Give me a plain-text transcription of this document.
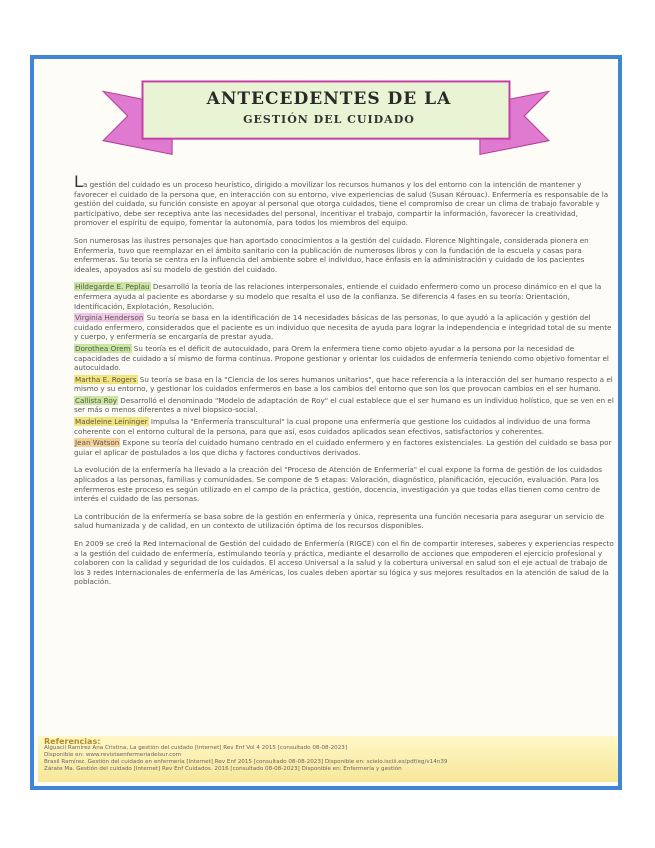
ANTECEDENTES DE LA
GESTIÓN DEL CUIDADO

La gestión del cuidado es un proceso heurístico, dirigido a movilizar los recursos humanos y los del entorno con la intención de mantener y favorecer el cuidado de la persona que, en interacción con su entorno, vive experiencias de salud (Susan Kérouac). Enfermería es responsable de la gestión del cuidado, su función consiste en apoyar al personal que otorga cuidados, tiene el compromiso de crear un clima de trabajo favorable y participativo, debe ser receptiva ante las necesidades del personal, incentivar el trabajo, compartir la información, favorecer la creatividad, promover el espíritu de equipo, fomentar la autonomía, para todos los miembros del equipo.

Son numerosas las ilustres personajes que han aportado conocimientos a la gestión del cuidado. Florence Nightingale, considerada pionera en Enfermería, tuvo que reemplazar en el ámbito sanitario con la publicación de numerosos libros y con la fundación de la escuela y casas para enfermeras. Su teoría se centra en la influencia del ambiente sobre el individuo, hace énfasis en la administración y cuidado de los pacientes ideales, apoyados así su modelo de gestión del cuidado.

Hildegarde E. Peplau Desarrolló la teoría de las relaciones interpersonales, entiende el cuidado enfermero como un proceso dinámico en el que la enfermera ayuda al paciente es abordarse y su modelo que resalta el uso de la confianza. Se diferencia 4 fases en su teoría: Orientación, Identificación, Explotación, Resolución.

Virginia Henderson Su teoría se basa en la identificación de 14 necesidades básicas de las personas, lo que ayudó a la aplicación y gestión del cuidado enfermero, considerados que el paciente es un individuo que necesita de ayuda para lograr la independencia e integridad total de su mente y cuerpo, y enfermería se encargaría de prestar ayuda.

Dorothea Orem Su teoría es el déficit de autocuidado, para Orem la enfermera tiene como objeto ayudar a la persona por la necesidad de capacidades de cuidado a sí mismo de forma continua. Propone gestionar y orientar los cuidados de enfermería teniendo como objetivo fomentar el autocuidado.

Martha E. Rogers Su teoría se basa en la "Ciencia de los seres humanos unitarios", que hace referencia a la interacción del ser humano respecto a el mismo y su entorno, y gestionar los cuidados enfermeros en base a los cambios del entorno que son los que provocan cambios en el ser humano.

Callista Roy Desarrolló el denominado "Modelo de adaptación de Roy" el cual establece que el ser humano es un individuo holístico, que se ven en el ser más o menos diferentes a nivel biopsico-social.

Madeleine Leininger Impulsa la "Enfermería transcultural" la cual propone una enfermería que gestione los cuidados al individuo de una forma coherente con el entorno cultural de la persona, para que así, esos cuidados aplicados sean efectivos, satisfactorios y coherentes.

Jean Watson Expone su teoría del cuidado humano centrado en el cuidado enfermero y en factores existenciales. La gestión del cuidado se basa por guiar el aplicar de postulados a los que dicha y factores conductivos derivados.

La evolución de la enfermería ha llevado a la creación del "Proceso de Atención de Enfermería" el cual expone la forma de gestión de los cuidados aplicados a las personas, familias y comunidades. Se compone de 5 etapas: Valoración, diagnóstico, planificación, ejecución, evaluación. Para los enfermeros este proceso es según utilizado en el campo de la práctica, gestión, docencia, investigación ya que todas ellas tienen como centro de interés el cuidado de las personas.

La contribución de la enfermería se basa sobre de la gestión en enfermería y única, representa una función necesaria para asegurar un servicio de salud humanizada y de calidad, en un contexto de utilización óptima de los recursos disponibles.

En 2009 se creó la Red Internacional de Gestión del cuidado de Enfermería (RIGCE) con el fin de compartir intereses, saberes y experiencias respecto a la gestión del cuidado de enfermería, estimulando teoría y práctica, mediante el desarrollo de acciones que empoderen el ejercicio profesional y colaboren con la calidad y seguridad de los cuidados. El acceso Universal a la salud y la cobertura universal en salud son el eje actual de trabajo de los 3 redes Internacionales de enfermería de las Américas, los cuales deben aportar su lógica y sus mejores resultados en la atención de salud de la población.

Referencias:
Alguacil Ramírez Ana Cristina, La gestión del cuidado [Internet] Rev Enf Vol 4 2015 [consultado 08-08-2023]
Disponible en: www.revistaenfermeriadelsur.com
Brasil Ramírez. Gestión del cuidado en enfermería [Internet] Rev Enf 2015 [consultado 08-08-2023] Disponible en: scielo.isciii.es/pdf/eg/v14n39
Zárate Ma. Gestión del cuidado [Internet] Rev Enf Cuidados. 2016 [consultado 08-08-2023] Disponible en: Enfermería y gestión
